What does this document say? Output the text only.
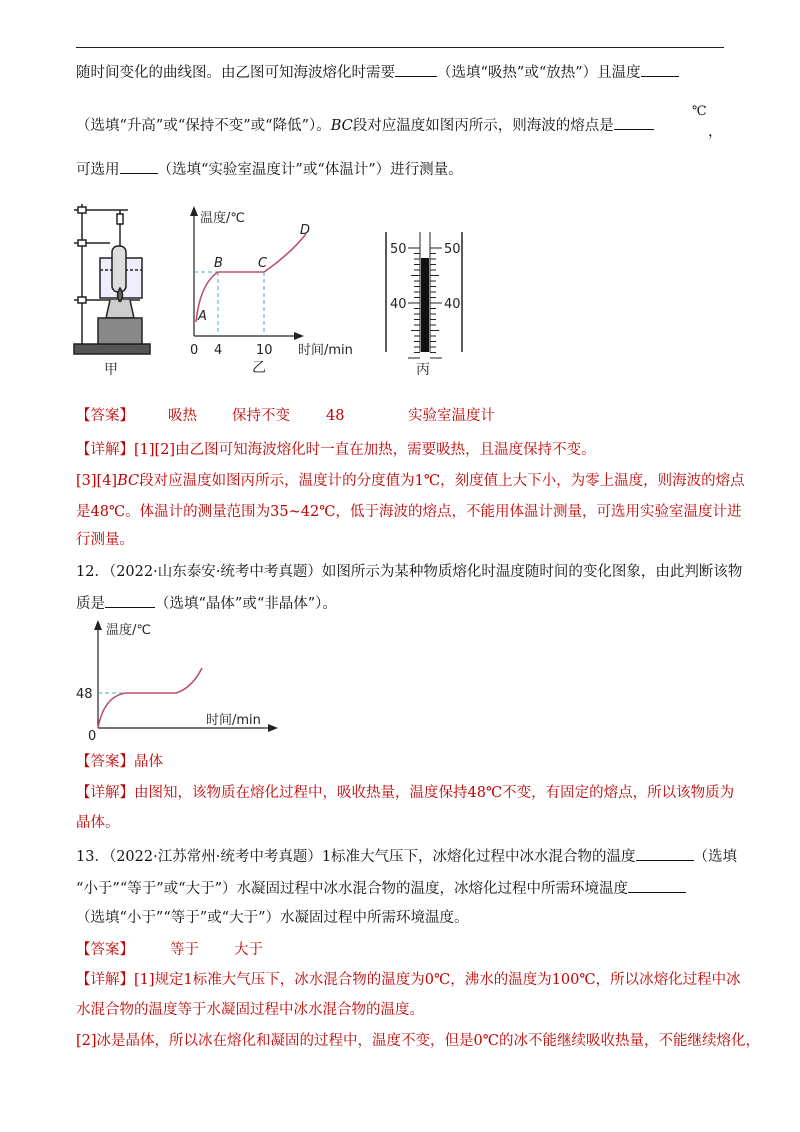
随时间变化的曲线图。由乙图可知海波熔化时需要	（选填“吸热”或“放热”）且温度
（选填“升高”或“保持不变”或“降低”）。BC段对应温度如图丙所示，则海波的熔点是
℃
，
可选用	（选填“实验室温度计”或“体温计”）进行测量。
甲
温度/℃
时间/min
0 4	10
A
B	C
D
乙
50	50
40	40
丙
【答案】 吸热 保持不变 48	实验室温度计
【详解】[1][2]由乙图可知海波熔化时一直在加热，需要吸热，且温度保持不变。
[3][4]BC段对应温度如图丙所示，温度计的分度值为1℃，刻度值上大下小，为零上温度，则海波的熔点
是48℃。体温计的测量范围为35~42℃，低于海波的熔点，不能用体温计测量，可选用实验室温度计进
行测量。
12．（2022·山东泰安·统考中考真题）如图所示为某种物质熔化时温度随时间的变化图象，由此判断该物
质是	（选填“晶体”或“非晶体”）。
温度/℃
48
时间/min
0
【答案】晶体
【详解】由图知，该物质在熔化过程中，吸收热量，温度保持48℃不变，有固定的熔点，所以该物质为
晶体。
13．（2022·江苏常州·统考中考真题）1标准大气压下，冰熔化过程中冰水混合物的温度	（选填
“小于”“等于”或“大于”）水凝固过程中冰水混合物的温度，冰熔化过程中所需环境温度
（选填“小于”“等于”或“大于”）水凝固过程中所需环境温度。
【答案】 等于 大于
【详解】[1]规定1标准大气压下，冰水混合物的温度为0℃，沸水的温度为100℃，所以冰熔化过程中冰
水混合物的温度等于水凝固过程中冰水混合物的温度。
[2]冰是晶体，所以冰在熔化和凝固的过程中，温度不变，但是0℃的冰不能继续吸收热量，不能继续熔化，
